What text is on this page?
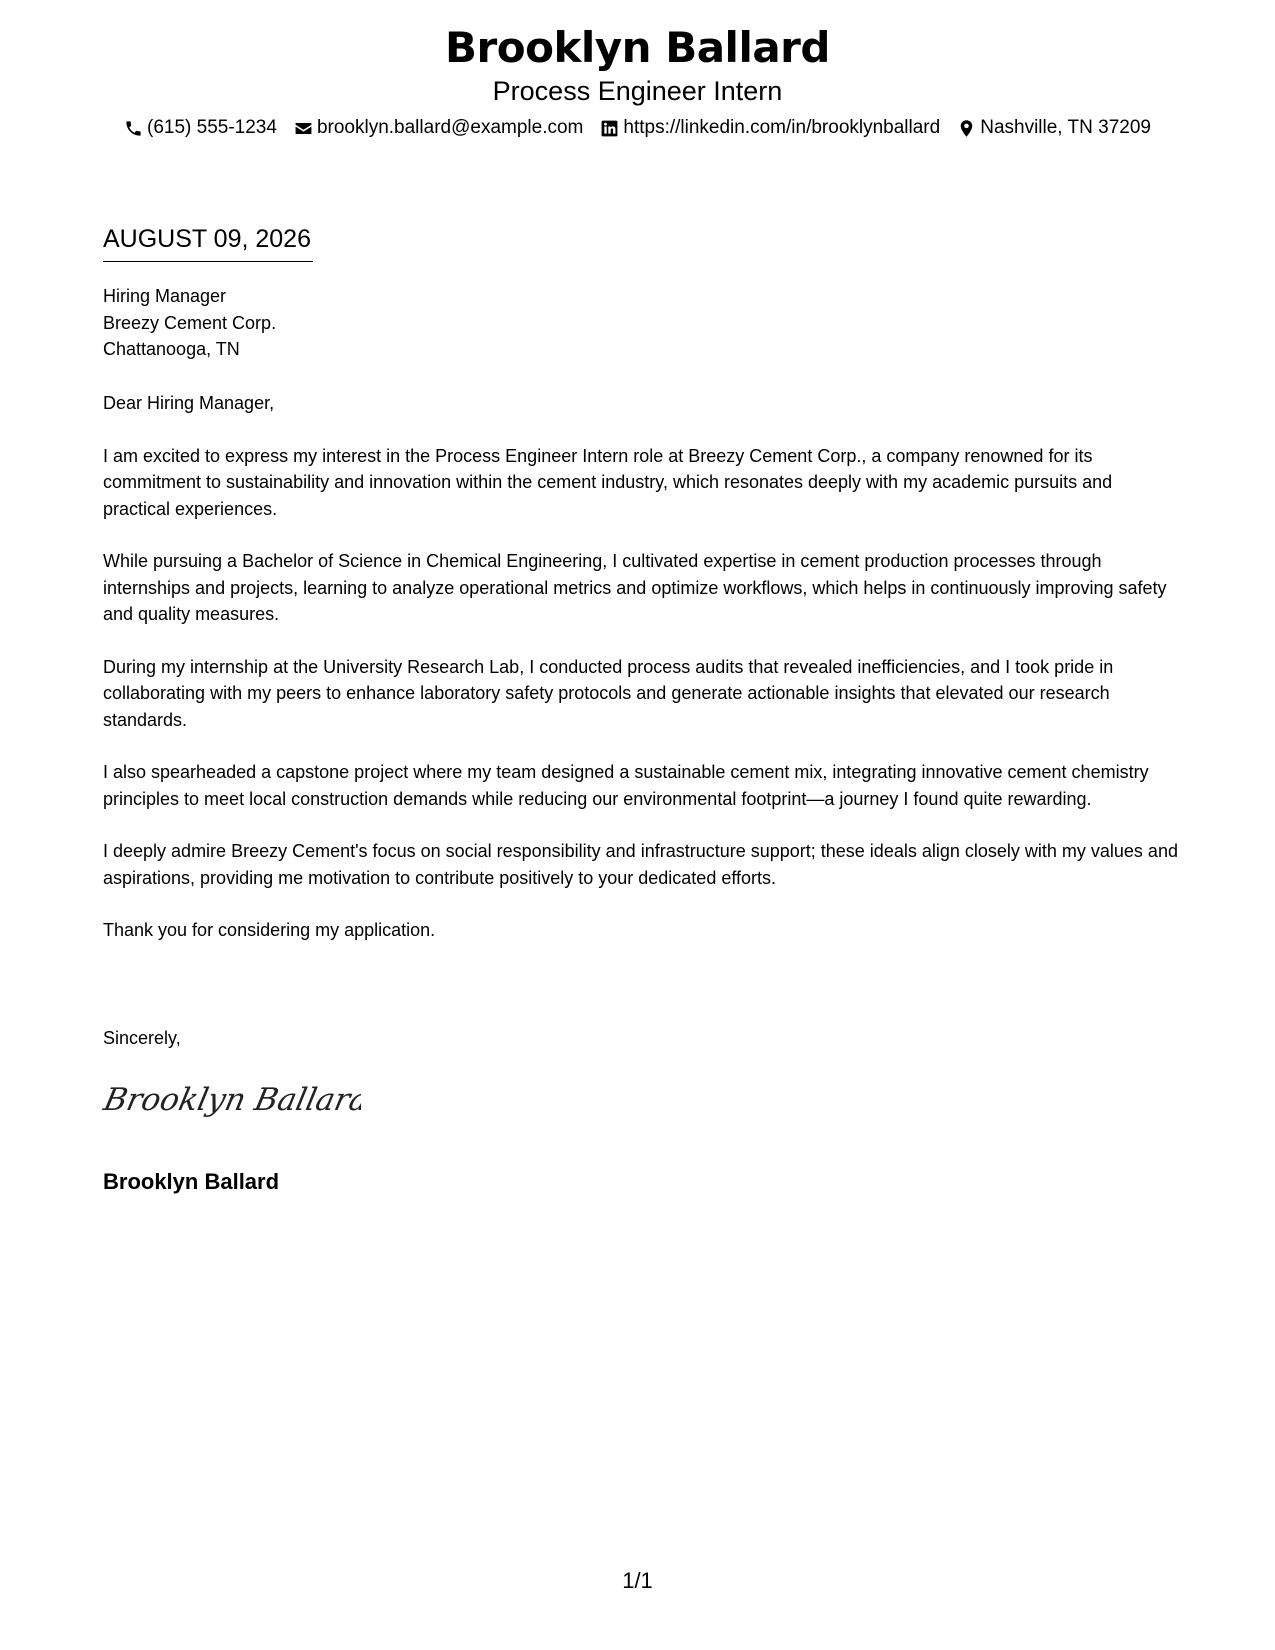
Brooklyn Ballard
Process Engineer Intern
(615) 555-1234 brooklyn.ballard@example.com https://linkedin.com/in/brooklynballard Nashville, TN 37209
AUGUST 09, 2026
Hiring Manager
Breezy Cement Corp.
Chattanooga, TN

Dear Hiring Manager,

I am excited to express my interest in the Process Engineer Intern role at Breezy Cement Corp., a company renowned for its commitment to sustainability and innovation within the cement industry, which resonates deeply with my academic pursuits and practical experiences.

While pursuing a Bachelor of Science in Chemical Engineering, I cultivated expertise in cement production processes through internships and projects, learning to analyze operational metrics and optimize workflows, which helps in continuously improving safety and quality measures.

During my internship at the University Research Lab, I conducted process audits that revealed inefficiencies, and I took pride in collaborating with my peers to enhance laboratory safety protocols and generate actionable insights that elevated our research standards.

I also spearheaded a capstone project where my team designed a sustainable cement mix, integrating innovative cement chemistry principles to meet local construction demands while reducing our environmental footprint—a journey I found quite rewarding.

I deeply admire Breezy Cement's focus on social responsibility and infrastructure support; these ideals align closely with my values and aspirations, providing me motivation to contribute positively to your dedicated efforts.

Thank you for considering my application.

Sincerely,
Brooklyn Ballara
Brooklyn Ballard
1/1
